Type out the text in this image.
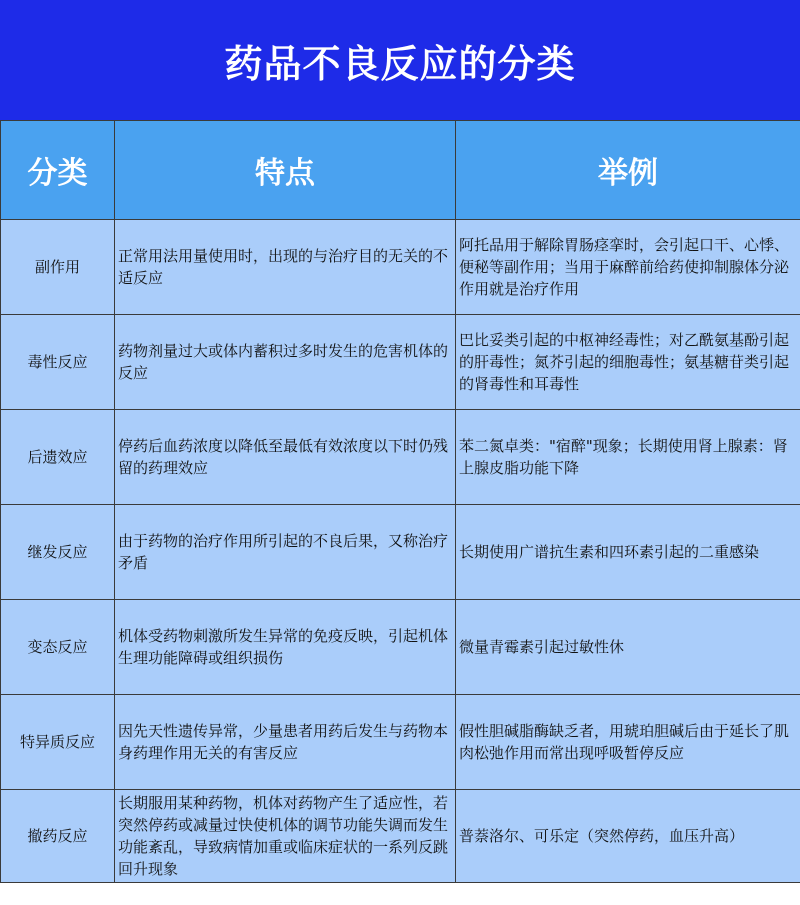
药品不良反应的分类
分类	特点	举例
副作用	正常用法用量使用时，出现的与治疗目的无关的不适反应	阿托品用于解除胃肠痉挛时，会引起口干、心悸、便秘等副作用；当用于麻醉前给药使抑制腺体分泌作用就是治疗作用
毒性反应	药物剂量过大或体内蓄积过多时发生的危害机体的反应	巴比妥类引起的中枢神经毒性；对乙酰氨基酚引起的肝毒性；氮芥引起的细胞毒性；氨基糖苷类引起的肾毒性和耳毒性
后遗效应	停药后血药浓度以降低至最低有效浓度以下时仍残留的药理效应	苯二氮卓类："宿醉"现象；长期使用肾上腺素：肾上腺皮脂功能下降
继发反应	由于药物的治疗作用所引起的不良后果，又称治疗矛盾	长期使用广谱抗生素和四环素引起的二重感染
变态反应	机体受药物刺激所发生异常的免疫反映，引起机体生理功能障碍或组织损伤	微量青霉素引起过敏性休
特异质反应	因先天性遗传异常，少量患者用药后发生与药物本身药理作用无关的有害反应	假性胆碱脂酶缺乏者，用琥珀胆碱后由于延长了肌肉松弛作用而常出现呼吸暂停反应
撤药反应	长期服用某种药物，机体对药物产生了适应性，若突然停药或减量过快使机体的调节功能失调而发生功能紊乱，导致病情加重或临床症状的一系列反跳回升现象	普萘洛尔、可乐定（突然停药，血压升高）
